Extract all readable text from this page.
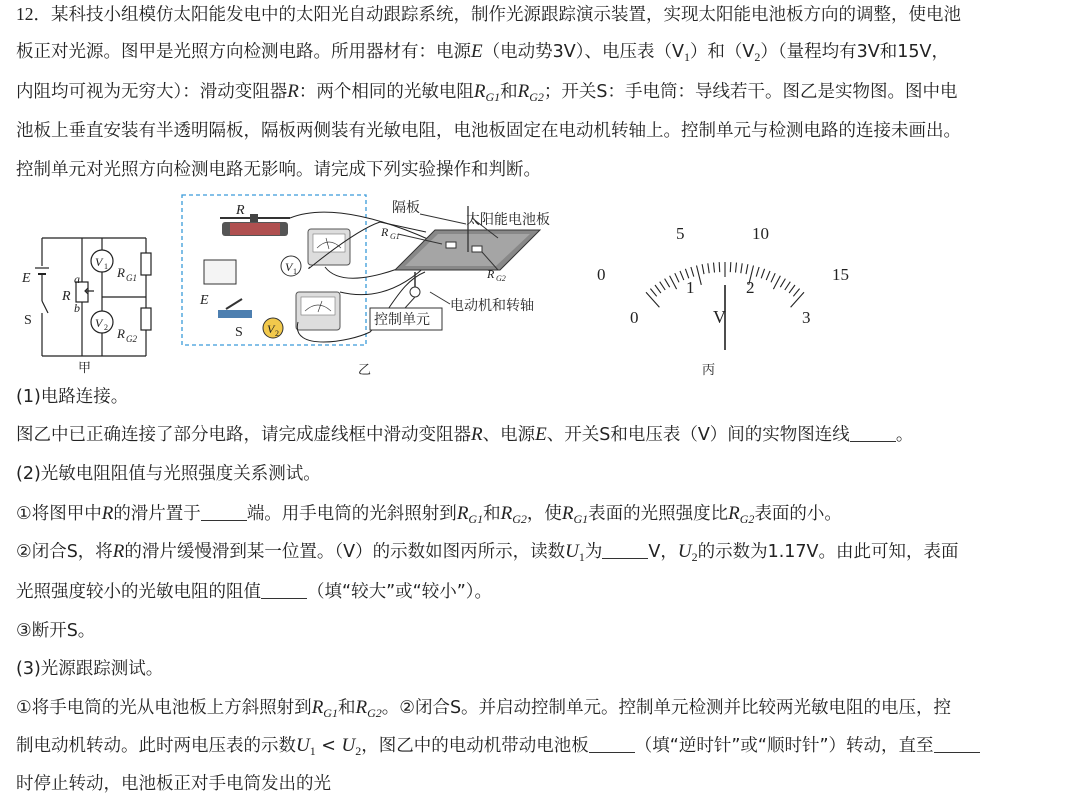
12．某科技小组模仿太阳能发电中的太阳光自动跟踪系统，制作光源跟踪演示装置，实现太阳能电池板方向的调整，使电池
板正对光源。图甲是光照方向检测电路。所用器材有：电源E（电动势3V）、电压表$(V_1)$和$(V_2)$（量程均有3V和15V，
内阻均可视为无穷大）：滑动变阻器R：两个相同的光敏电阻$R_{G1}$和$R_{G2}$；开关S：手电筒：导线若干。图乙是实物图。图中电
池板上垂直安装有半透明隔板，隔板两侧装有光敏电阻，电池板固定在电动机转轴上。控制单元与检测电路的连接未画出。
控制单元对光照方向检测电路无影响。请完成下列实验操作和判断。
E
S
R
a
b
V 1
V 2
R G1
R G2
甲
R
E
S
R G1
R G2
V 1
V 2
隔板
太阳能电池板
电动机和转轴
控制单元
乙
0
5	10
15
0
1	2
3
V
丙
(1)电路连接。
图乙中已正确连接了部分电路，请完成虚线框中滑动变阻器R、电源E、开关S和电压表（V）间的实物图连线	。
(2)光敏电阻阻值与光照强度关系测试。
①将图甲中R的滑片置于	端。用手电筒的光斜照射到$R_{G1}$和$R_{G2}$，使$R_{G1}$表面的光照强度比$R_{G2}$表面的小。
②闭合S，将R的滑片缓慢滑到某一位置。（V）的示数如图丙所示，读数$U_1$为	V，$U_2$的示数为1.17V。由此可知，表面
光照强度较小的光敏电阻的阻值	（填“较大”或“较小”）。
③断开S。
(3)光源跟踪测试。
①将手电筒的光从电池板上方斜照射到$R_{G1}$和$R_{G2}$。②闭合S。并启动控制单元。控制单元检测并比较两光敏电阻的电压，控
制电动机转动。此时两电压表的示数$U_1 < U_2$，图乙中的电动机带动电池板	（填“逆时针”或“顺时针”）转动，直至
时停止转动，电池板正对手电筒发出的光
